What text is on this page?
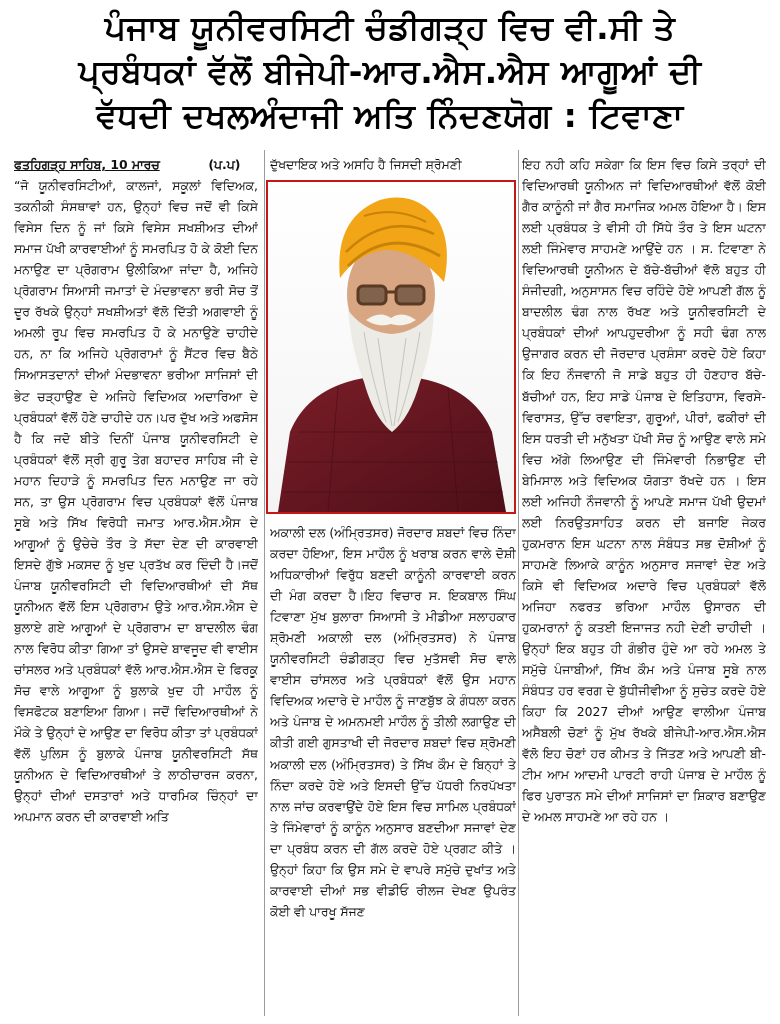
ਪੰਜਾਬ ਯੂਨੀਵਰਸਿਟੀ ਚੰਡੀਗੜ੍ਹ ਵਿਚ ਵੀ.ਸੀ ਤੇ
ਪ੍ਰਬੰਧਕਾਂ ਵੱਲੋਂ ਬੀਜੇਪੀ-ਆਰ.ਐਸ.ਐਸ ਆਗੂਆਂ ਦੀ
ਵੱਧਦੀ ਦਖਲਅੰਦਾਜੀ ਅਤਿ ਨਿੰਦਣਯੋਗ : ਟਿਵਾਣਾ

ਫਤਹਿਗੜ੍ਹ ਸਾਹਿਬ, 10 ਮਾਰਚ	(ਪ.ਪ)

“ਜੋ ਯੂਨੀਵਰਸਿਟੀਆਂ, ਕਾਲਜਾਂ, ਸਕੂਲਾਂ ਵਿਦਿਅਕ, ਤਕਨੀਕੀ ਸੰਸਥਾਵਾਂ ਹਨ, ਉਨ੍ਹਾਂ ਵਿਚ ਜਦੋਂ ਵੀ ਕਿਸੇ ਵਿਸੇਸ ਦਿਨ ਨੂੰ ਜਾਂ ਕਿਸੇ ਵਿਸੇਸ ਸਖਸ਼ੀਅਤ ਦੀਆਂ ਸਮਾਜ ਪੱਖੀ ਕਾਰਵਾਈਆਂ ਨੂੰ ਸਮਰਪਿਤ ਹੋ ਕੇ ਕੋਈ ਦਿਨ ਮਨਾਉਣ ਦਾ ਪ੍ਰੋਗਰਾਮ ਉਲੀਕਿਆ ਜਾਂਦਾ ਹੈ, ਅਜਿਹੇ ਪ੍ਰੋਗਰਾਮ ਸਿਆਸੀ ਜਮਾਤਾਂ ਦੇ ਮੰਦਭਾਵਨਾ ਭਰੀ ਸੋਚ ਤੋਂ ਦੂਰ ਰੱਖਕੇ ਉਨ੍ਹਾਂ ਸਖਸ਼ੀਅਤਾਂ ਵੱਲੋ ਦਿੱਤੀ ਅਗਵਾਈ ਨੂੰ ਅਮਲੀ ਰੂਪ ਵਿਚ ਸਮਰਪਿਤ ਹੋ ਕੇ ਮਨਾਉਣੇ ਚਾਹੀਦੇ ਹਨ, ਨਾ ਕਿ ਅਜਿਹੇ ਪ੍ਰੋਗਰਾਮਾਂ ਨੂੰ ਸੈਂਟਰ ਵਿਚ ਬੈਠੇ ਸਿਆਸਤਦਾਨਾਂ ਦੀਆਂ ਮੰਦਭਾਵਨਾ ਭਰੀਆ ਸਾਜਿਸਾਂ ਦੀ ਭੇਟ ਚੜ੍ਹਾਉਣ ਦੇ ਅਜਿਹੇ ਵਿਦਿਅਕ ਅਦਾਰਿਆ ਦੇ ਪ੍ਰਬੰਧਕਾਂ ਵੱਲੋਂ ਹੋਣੇ ਚਾਹੀਦੇ ਹਨ।ਪਰ ਦੁੱਖ ਅਤੇ ਅਫਸੋਸ ਹੈ ਕਿ ਜਦੋ ਬੀਤੇ ਦਿਨੀਂ ਪੰਜਾਬ ਯੂਨੀਵਰਸਿਟੀ ਦੇ ਪ੍ਰਬੰਧਕਾਂ ਵੱਲੋਂ ਸ੍ਰੀ ਗੁਰੂ ਤੇਗ ਬਹਾਦਰ ਸਾਹਿਬ ਜੀ ਦੇ ਮਹਾਨ ਦਿਹਾੜੇ ਨੂੰ ਸਮਰਪਿਤ ਦਿਨ ਮਨਾਉਣ ਜਾ ਰਹੇ ਸਨ, ਤਾ ਉਸ ਪ੍ਰੋਗਰਾਮ ਵਿਚ ਪ੍ਰਬੰਧਕਾਂ ਵੱਲੋਂ ਪੰਜਾਬ ਸੂਬੇ ਅਤੇ ਸਿੱਖ ਵਿਰੋਧੀ ਜਮਾਤ ਆਰ.ਐਸ.ਐਸ ਦੇ ਆਗੂਆਂ ਨੂੰ ਉਚੇਚੇ ਤੌਰ ਤੇ ਸੱਦਾ ਦੇਣ ਦੀ ਕਾਰਵਾਈ ਇਸਦੇ ਗੁੱਝੇ ਮਕਸਦ ਨੂੰ ਖੁਦ ਪ੍ਰਤੱਖ ਕਰ ਦਿੰਦੀ ਹੈ।ਜਦੋਂ ਪੰਜਾਬ ਯੂਨੀਵਰਸਿਟੀ ਦੀ ਵਿਦਿਆਰਥੀਆਂ ਦੀ ਸੱਥ ਯੂਨੀਅਨ ਵੱਲੋਂ ਇਸ ਪ੍ਰੋਗਰਾਮ ਉਤੇ ਆਰ.ਐਸ.ਐਸ ਦੇ ਬੁਲਾਏ ਗਏ ਆਗੂਆਂ ਦੇ ਪ੍ਰੋਗਰਾਮ ਦਾ ਬਾਦਲੀਲ ਢੰਗ ਨਾਲ ਵਿਰੋਧ ਕੀਤਾ ਗਿਆ ਤਾਂ ਉਸਦੇ ਬਾਵਜੂਦ ਵੀ ਵਾਈਸ ਚਾਂਸਲਰ ਅਤੇ ਪ੍ਰਬੰਧਕਾਂ ਵੱਲੋ ਆਰ.ਐਸ.ਐਸ ਦੇ ਫਿਰਕੂ ਸੋਚ ਵਾਲੇ ਆਗੂਆ ਨੂੰ ਬੁਲਾਕੇ ਖੁਦ ਹੀ ਮਾਹੌਲ ਨੂੰ ਵਿਸਫੋਟਕ ਬਣਾਇਆ ਗਿਆ। ਜਦੋਂ ਵਿਦਿਆਰਥੀਆਂ ਨੇ ਮੌਕੇ ਤੇ ਉਨ੍ਹਾਂ ਦੇ ਆਉਣ ਦਾ ਵਿਰੋਧ ਕੀਤਾ ਤਾਂ ਪ੍ਰਬੰਧਕਾਂ ਵੱਲੋਂ ਪੁਲਿਸ ਨੂੰ ਬੁਲਾਕੇ ਪੰਜਾਬ ਯੂਨੀਵਰਸਿਟੀ ਸੱਥ ਯੂਨੀਅਨ ਦੇ ਵਿਦਿਆਰਥੀਆਂ ਤੇ ਲਾਠੀਚਾਰਜ ਕਰਨਾ, ਉਨ੍ਹਾਂ ਦੀਆਂ ਦਸਤਾਰਾਂ ਅਤੇ ਧਾਰਮਿਕ ਚਿੰਨ੍ਹਾਂ ਦਾ ਅਪਮਾਨ ਕਰਨ ਦੀ ਕਾਰਵਾਈ ਅਤਿ

ਦੁੱਖਦਾਇਕ ਅਤੇ ਅਸਹਿ ਹੈ ਜਿਸਦੀ ਸ਼੍ਰੋਮਣੀ

ਅਕਾਲੀ ਦਲ (ਅੰਮ੍ਰਿਤਸਰ) ਜੋਰਦਾਰ ਸ਼ਬਦਾਂ ਵਿਚ ਨਿੰਦਾ ਕਰਦਾ ਹੋਇਆ, ਇਸ ਮਾਹੌਲ ਨੂੰ ਖਰਾਬ ਕਰਨ ਵਾਲੇ ਦੋਸ਼ੀ ਅਧਿਕਾਰੀਆਂ ਵਿਰੁੱਧ ਬਣਦੀ ਕਾਨੂੰਨੀ ਕਾਰਵਾਈ ਕਰਨ ਦੀ ਮੰਗ ਕਰਦਾ ਹੈ।ਇਹ ਵਿਚਾਰ ਸ. ਇਕਬਾਲ ਸਿੰਘ ਟਿਵਾਣਾ ਮੁੱਖ ਬੁਲਾਰਾ ਸਿਆਸੀ ਤੇ ਮੀਡੀਆ ਸਲਾਹਕਾਰ ਸ਼੍ਰੋਮਣੀ ਅਕਾਲੀ ਦਲ (ਅੰਮ੍ਰਿਤਸਰ) ਨੇ ਪੰਜਾਬ ਯੂਨੀਵਰਸਿਟੀ ਚੰਡੀਗੜ੍ਹ ਵਿਚ ਮੁਤੱਸਵੀ ਸੋਚ ਵਾਲੇ ਵਾਈਸ ਚਾਂਸਲਰ ਅਤੇ ਪ੍ਰਬੰਧਕਾਂ ਵੱਲੋਂ ਉਸ ਮਹਾਨ ਵਿਦਿਅਕ ਅਦਾਰੇ ਦੇ ਮਾਹੌਲ ਨੂੰ ਜਾਣਬੁੱਝ ਕੇ ਗੰਧਲਾ ਕਰਨ ਅਤੇ ਪੰਜਾਬ ਦੇ ਅਮਨਮਈ ਮਾਹੌਲ ਨੂੰ ਤੀਲੀ ਲਗਾਉਣ ਦੀ ਕੀਤੀ ਗਈ ਗੁਸਤਾਖੀ ਦੀ ਜੋਰਦਾਰ ਸ਼ਬਦਾਂ ਵਿਚ ਸ਼੍ਰੋਮਣੀ ਅਕਾਲੀ ਦਲ (ਅੰਮ੍ਰਿਤਸਰ) ਤੇ ਸਿੱਖ ਕੌਮ ਦੇ ਬਿਨ੍ਹਾਂ ਤੇ ਨਿੰਦਾ ਕਰਦੇ ਹੋਏ ਅਤੇ ਇਸਦੀ ਉੱਚ ਪੱਧਰੀ ਨਿਰਪੱਖਤਾ ਨਾਲ ਜਾਂਚ ਕਰਵਾਉਂਦੇ ਹੋਏ ਇਸ ਵਿਚ ਸਾਮਿਲ ਪ੍ਰਬੰਧਕਾਂ ਤੇ ਜਿੰਮੇਵਾਰਾਂ ਨੂੰ ਕਾਨੂੰਨ ਅਨੁਸਾਰ ਬਣਦੀਆ ਸਜਾਵਾਂ ਦੇਣ ਦਾ ਪ੍ਰਬੰਧ ਕਰਨ ਦੀ ਗੱਲ ਕਰਦੇ ਹੋਏ ਪ੍ਰਗਟ ਕੀਤੇ ।ਉਨ੍ਹਾਂ ਕਿਹਾ ਕਿ ਉਸ ਸਮੇ ਦੇ ਵਾਪਰੇ ਸਮੁੱਚੇ ਦੁਖਾਂਤ ਅਤੇ ਕਾਰਵਾਈ ਦੀਆਂ ਸਭ ਵੀਡੀਓ ਰੀਲਜ ਦੇਖਣ ਉਪਰੰਤ ਕੋਈ ਵੀ ਪਾਰਖੂ ਸੱਜਣ

ਇਹ ਨਹੀ ਕਹਿ ਸਕੇਗਾ ਕਿ ਇਸ ਵਿਚ ਕਿਸੇ ਤਰ੍ਹਾਂ ਦੀ ਵਿਦਿਆਰਥੀ ਯੂਨੀਅਨ ਜਾਂ ਵਿਦਿਆਰਥੀਆਂ ਵੱਲੋਂ ਕੋਈ ਗੈਰ ਕਾਨੂੰਨੀ ਜਾਂ ਗੈਰ ਸਮਾਜਿਕ ਅਮਲ ਹੋਇਆ ਹੈ। ਇਸ ਲਈ ਪ੍ਰਬੰਧਕ ਤੇ ਵੀਸੀ ਹੀ ਸਿੱਧੇ ਤੌਰ ਤੇ ਇਸ ਘਟਨਾ ਲਈ ਜਿੰਮੇਵਾਰ ਸਾਹਮਣੇ ਆਉਂਦੇ ਹਨ । ਸ. ਟਿਵਾਣਾ ਨੇ ਵਿਦਿਆਰਥੀ ਯੂਨੀਅਨ ਦੇ ਬੱਚੇ-ਬੱਚੀਆਂ ਵੱਲੋ ਬਹੁਤ ਹੀ ਸੰਜੀਦਗੀ, ਅਨੁਸਾਸਨ ਵਿਚ ਰਹਿੰਦੇ ਹੋਏ ਆਪਣੀ ਗੱਲ ਨੂੰ ਬਾਦਲੀਲ ਢੰਗ ਨਾਲ ਰੱਖਣ ਅਤੇ ਯੂਨੀਵਰਸਿਟੀ ਦੇ ਪ੍ਰਬੰਧਕਾਂ ਦੀਆਂ ਆਪਹੁਦਰੀਆ ਨੂੰ ਸਹੀ ਢੰਗ ਨਾਲ ਉਜਾਗਰ ਕਰਨ ਦੀ ਜੋਰਦਾਰ ਪ੍ਰਸ਼ੰਸਾ ਕਰਦੇ ਹੋਏ ਕਿਹਾ ਕਿ ਇਹ ਨੌਜਵਾਨੀ ਜੋ ਸਾਡੇ ਬਹੁਤ ਹੀ ਹੋਣਹਾਰ ਬੱਚੇ-ਬੱਚੀਆਂ ਹਨ, ਇਹ ਸਾਡੇ ਪੰਜਾਬ ਦੇ ਇਤਿਹਾਸ, ਵਿਰਸੇ-ਵਿਰਾਸਤ, ਉੱਚ ਰਵਾਇਤਾ, ਗੁਰੂਆਂ, ਪੀਰਾਂ, ਫਕੀਰਾਂ ਦੀ ਇਸ ਧਰਤੀ ਦੀ ਮਨੁੱਖਤਾ ਪੱਖੀ ਸੋਚ ਨੂੰ ਆਉਣ ਵਾਲੇ ਸਮੇ ਵਿਚ ਅੱਗੇ ਲਿਆਉਣ ਦੀ ਜਿੰਮੇਵਾਰੀ ਨਿਭਾਉਣ ਦੀ ਬੇਮਿਸਾਲ ਅਤੇ ਵਿਦਿਅਕ ਯੋਗਤਾ ਰੱਖਦੇ ਹਨ । ਇਸ ਲਈ ਅਜਿਹੀ ਨੌਜਵਾਨੀ ਨੂੰ ਆਪਣੇ ਸਮਾਜ ਪੱਖੀ ਉਦਮਾਂ ਲਈ ਨਿਰਉਤਸਾਹਿਤ ਕਰਨ ਦੀ ਬਜਾਇ ਜੇਕਰ ਹੁਕਮਰਾਨ ਇਸ ਘਟਨਾ ਨਾਲ ਸੰਬੰਧਤ ਸਭ ਦੋਸ਼ੀਆਂ ਨੂੰ ਸਾਹਮਣੇ ਲਿਆਕੇ ਕਾਨੂੰਨ ਅਨੁਸਾਰ ਸਜਾਵਾਂ ਦੇਣ ਅਤੇ ਕਿਸੇ ਵੀ ਵਿਦਿਅਕ ਅਦਾਰੇ ਵਿਚ ਪ੍ਰਬੰਧਕਾਂ ਵੱਲੋ ਅਜਿਹਾ ਨਫਰਤ ਭਰਿਆ ਮਾਹੌਲ ਉਸਾਰਨ ਦੀ ਹੁਕਮਰਾਨਾਂ ਨੂੰ ਕਤਈ ਇਜਾਜਤ ਨਹੀ ਦੇਣੀ ਚਾਹੀਦੀ । ਉਨ੍ਹਾਂ ਇਕ ਬਹੁਤ ਹੀ ਗੰਭੀਰ ਹੁੰਦੇ ਆ ਰਹੇ ਅਮਲ ਤੇ ਸਮੁੱਚੇ ਪੰਜਾਬੀਆਂ, ਸਿੱਖ ਕੌਮ ਅਤੇ ਪੰਜਾਬ ਸੂਬੇ ਨਾਲ ਸੰਬੰਧਤ ਹਰ ਵਰਗ ਦੇ ਬੁੱਧੀਜੀਵੀਆ ਨੂੰ ਸੁਚੇਤ ਕਰਦੇ ਹੋਏ ਕਿਹਾ ਕਿ 2027 ਦੀਆਂ ਆਉਣ ਵਾਲੀਆ ਪੰਜਾਬ ਅਸੈਬਲੀ ਚੋਣਾਂ ਨੂੰ ਮੁੱਖ ਰੱਖਕੇ ਬੀਜੇਪੀ-ਆਰ.ਐਸ.ਐਸ ਵੱਲੋ ਇਹ ਚੋਣਾਂ ਹਰ ਕੀਮਤ ਤੇ ਜਿੱਤਣ ਅਤੇ ਆਪਣੀ ਬੀ-ਟੀਮ ਆਮ ਆਦਮੀ ਪਾਰਟੀ ਰਾਹੀ ਪੰਜਾਬ ਦੇ ਮਾਹੌਲ ਨੂੰ ਫਿਰ ਪੁਰਾਤਨ ਸਮੇ ਦੀਆਂ ਸਾਜਿਸਾਂ ਦਾ ਸ਼ਿਕਾਰ ਬਣਾਉਣ ਦੇ ਅਮਲ ਸਾਹਮਣੇ ਆ ਰਹੇ ਹਨ ।
